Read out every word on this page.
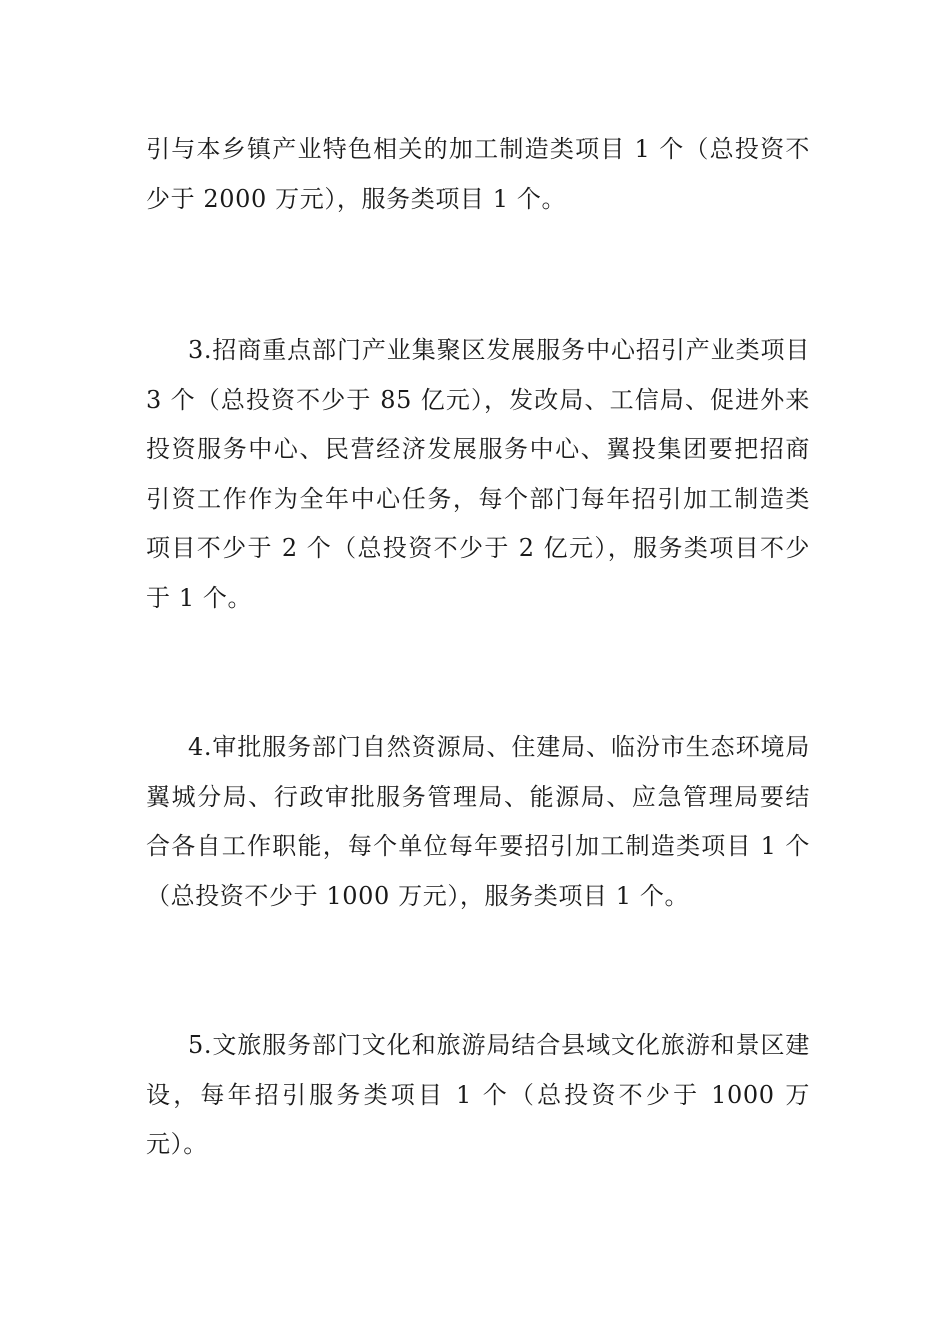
引与本乡镇产业特色相关的加工制造类项目 1 个（总投资不少于 2000 万元），服务类项目 1 个。

3.招商重点部门产业集聚区发展服务中心招引产业类项目 3 个（总投资不少于 85 亿元），发改局、工信局、促进外来投资服务中心、民营经济发展服务中心、翼投集团要把招商引资工作作为全年中心任务，每个部门每年招引加工制造类项目不少于 2 个（总投资不少于 2 亿元），服务类项目不少于 1 个。

4.审批服务部门自然资源局、住建局、临汾市生态环境局翼城分局、行政审批服务管理局、能源局、应急管理局要结合各自工作职能，每个单位每年要招引加工制造类项目 1 个（总投资不少于 1000 万元），服务类项目 1 个。

5.文旅服务部门文化和旅游局结合县域文化旅游和景区建设，每年招引服务类项目 1 个（总投资不少于 1000 万元）。
